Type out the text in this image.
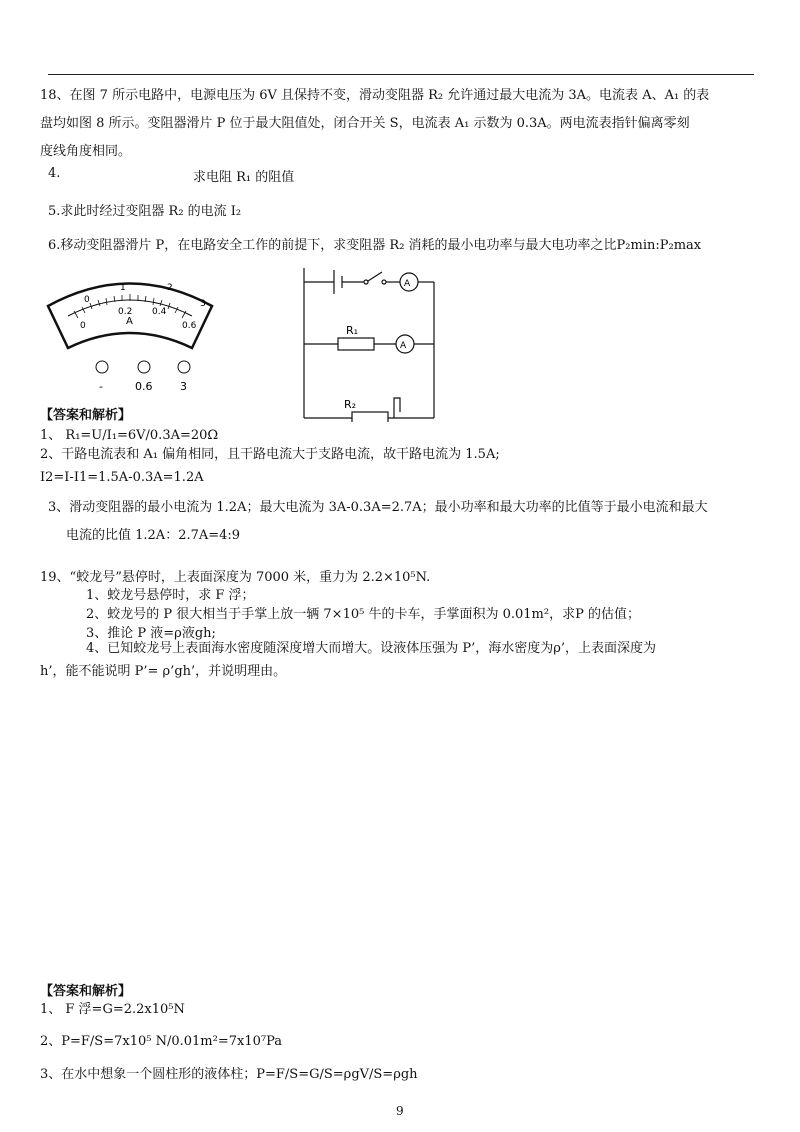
18、在图 7 所示电路中，电源电压为 6V 且保持不变，滑动变阻器 R₂ 允许通过最大电流为 3A。电流表 A、A₁ 的表
盘均如图 8 所示。变阻器滑片 P 位于最大阻值处，闭合开关 S，电流表 A₁ 示数为 0.3A。两电流表指针偏离零刻
度线角度相同。
4.	求电阻 R₁ 的阻值
5.求此时经过变阻器 R₂ 的电流 I₂
6.移动变阻器滑片 P，在电路安全工作的前提下，求变阻器 R₂ 消耗的最小电功率与最大电功率之比P₂min:P₂max
0
1	2
3
0
0.2 0.4
0.6
A
-	0.6	3
A
A
R₁
R₂
【答案和解析】
1、 R₁=U/I₁=6V/0.3A=20Ω
2、干路电流表和 A₁ 偏角相同，且干路电流大于支路电流，故干路电流为 1.5A;
I2=I-I1=1.5A-0.3A=1.2A
3、滑动变阻器的最小电流为 1.2A；最大电流为 3A-0.3A=2.7A；最小功率和最大功率的比值等于最小电流和最大
电流的比值 1.2A：2.7A=4:9
19、“蛟龙号”悬停时，上表面深度为 7000 米，重力为 2.2×10⁵N.
1、蛟龙号悬停时，求 F 浮；
2、蛟龙号的 P 很大相当于手掌上放一辆 7×10⁵ 牛的卡车，手掌面积为 0.01m²，求P 的估值；
3、推论 P 液=ρ液gh;
4、已知蛟龙号上表面海水密度随深度增大而增大。设液体压强为 P’，海水密度为ρ’，上表面深度为
h’，能不能说明 P’= ρ’gh’，并说明理由。
【答案和解析】
1、 F 浮=G=2.2x10⁵N
2、P=F/S=7x10⁵ N/0.01m²=7x10⁷Pa
3、在水中想象一个圆柱形的液体柱；P=F/S=G/S=ρgV/S=ρgh
9
